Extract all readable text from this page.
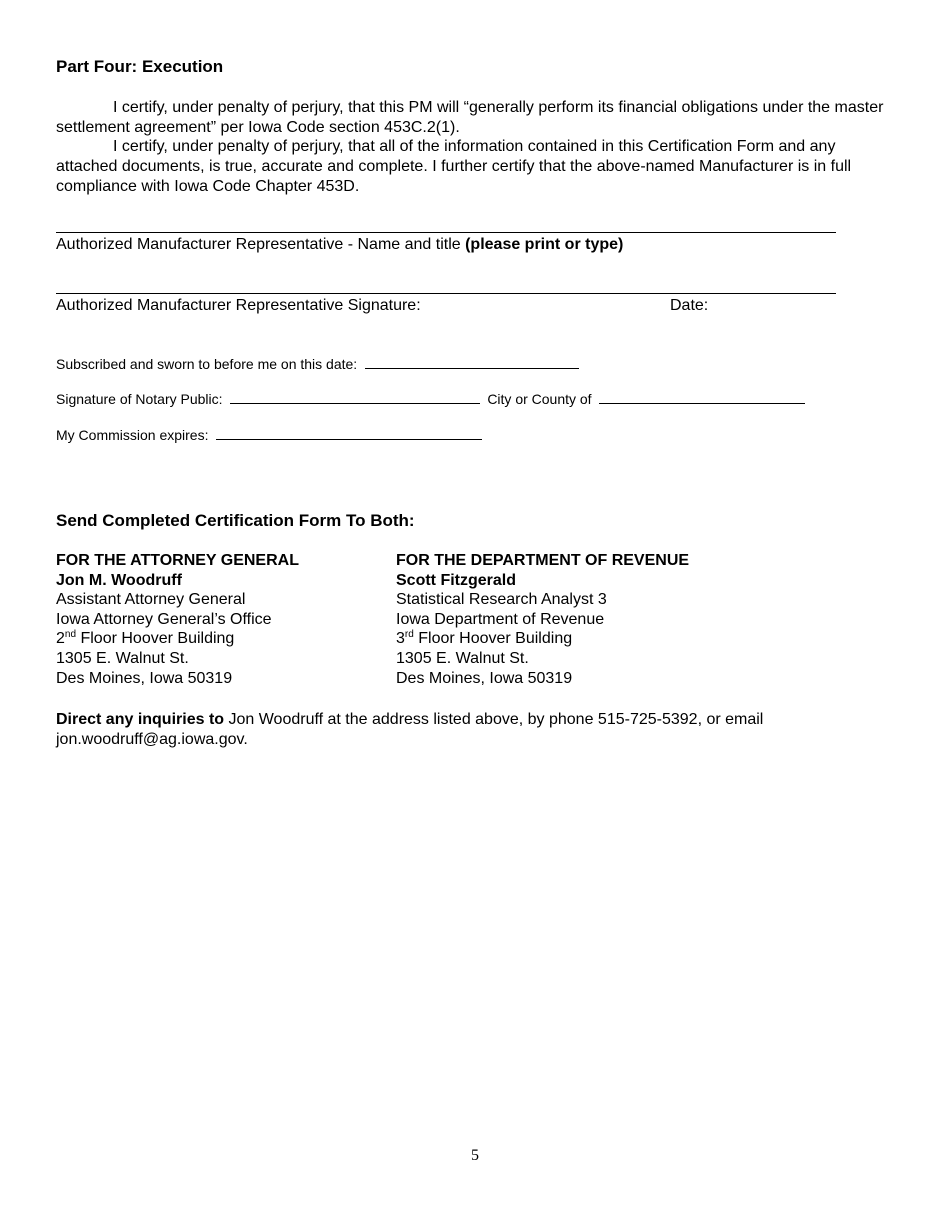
Part Four: Execution

I certify, under penalty of perjury, that this PM will “generally perform its financial obligations under the master settlement agreement” per Iowa Code section 453C.2(1).

I certify, under penalty of perjury, that all of the information contained in this Certification Form and any attached documents, is true, accurate and complete. I further certify that the above-named Manufacturer is in full compliance with Iowa Code Chapter 453D.

Authorized Manufacturer Representative - Name and title (please print or type)
Authorized Manufacturer Representative Signature:	Date:
Subscribed and sworn to before me on this date:
Signature of Notary Public:	City or County of
My Commission expires:
Send Completed Certification Form To Both:
FOR THE ATTORNEY GENERAL
Jon M. Woodruff
Assistant Attorney General
Iowa Attorney General’s Office
2nd Floor Hoover Building
1305 E. Walnut St.
Des Moines, Iowa 50319
FOR THE DEPARTMENT OF REVENUE
Scott Fitzgerald
Statistical Research Analyst 3
Iowa Department of Revenue
3rd Floor Hoover Building
1305 E. Walnut St.
Des Moines, Iowa 50319

Direct any inquiries to Jon Woodruff at the address listed above, by phone 515-725-5392, or email jon.woodruff@ag.iowa.gov.

5
